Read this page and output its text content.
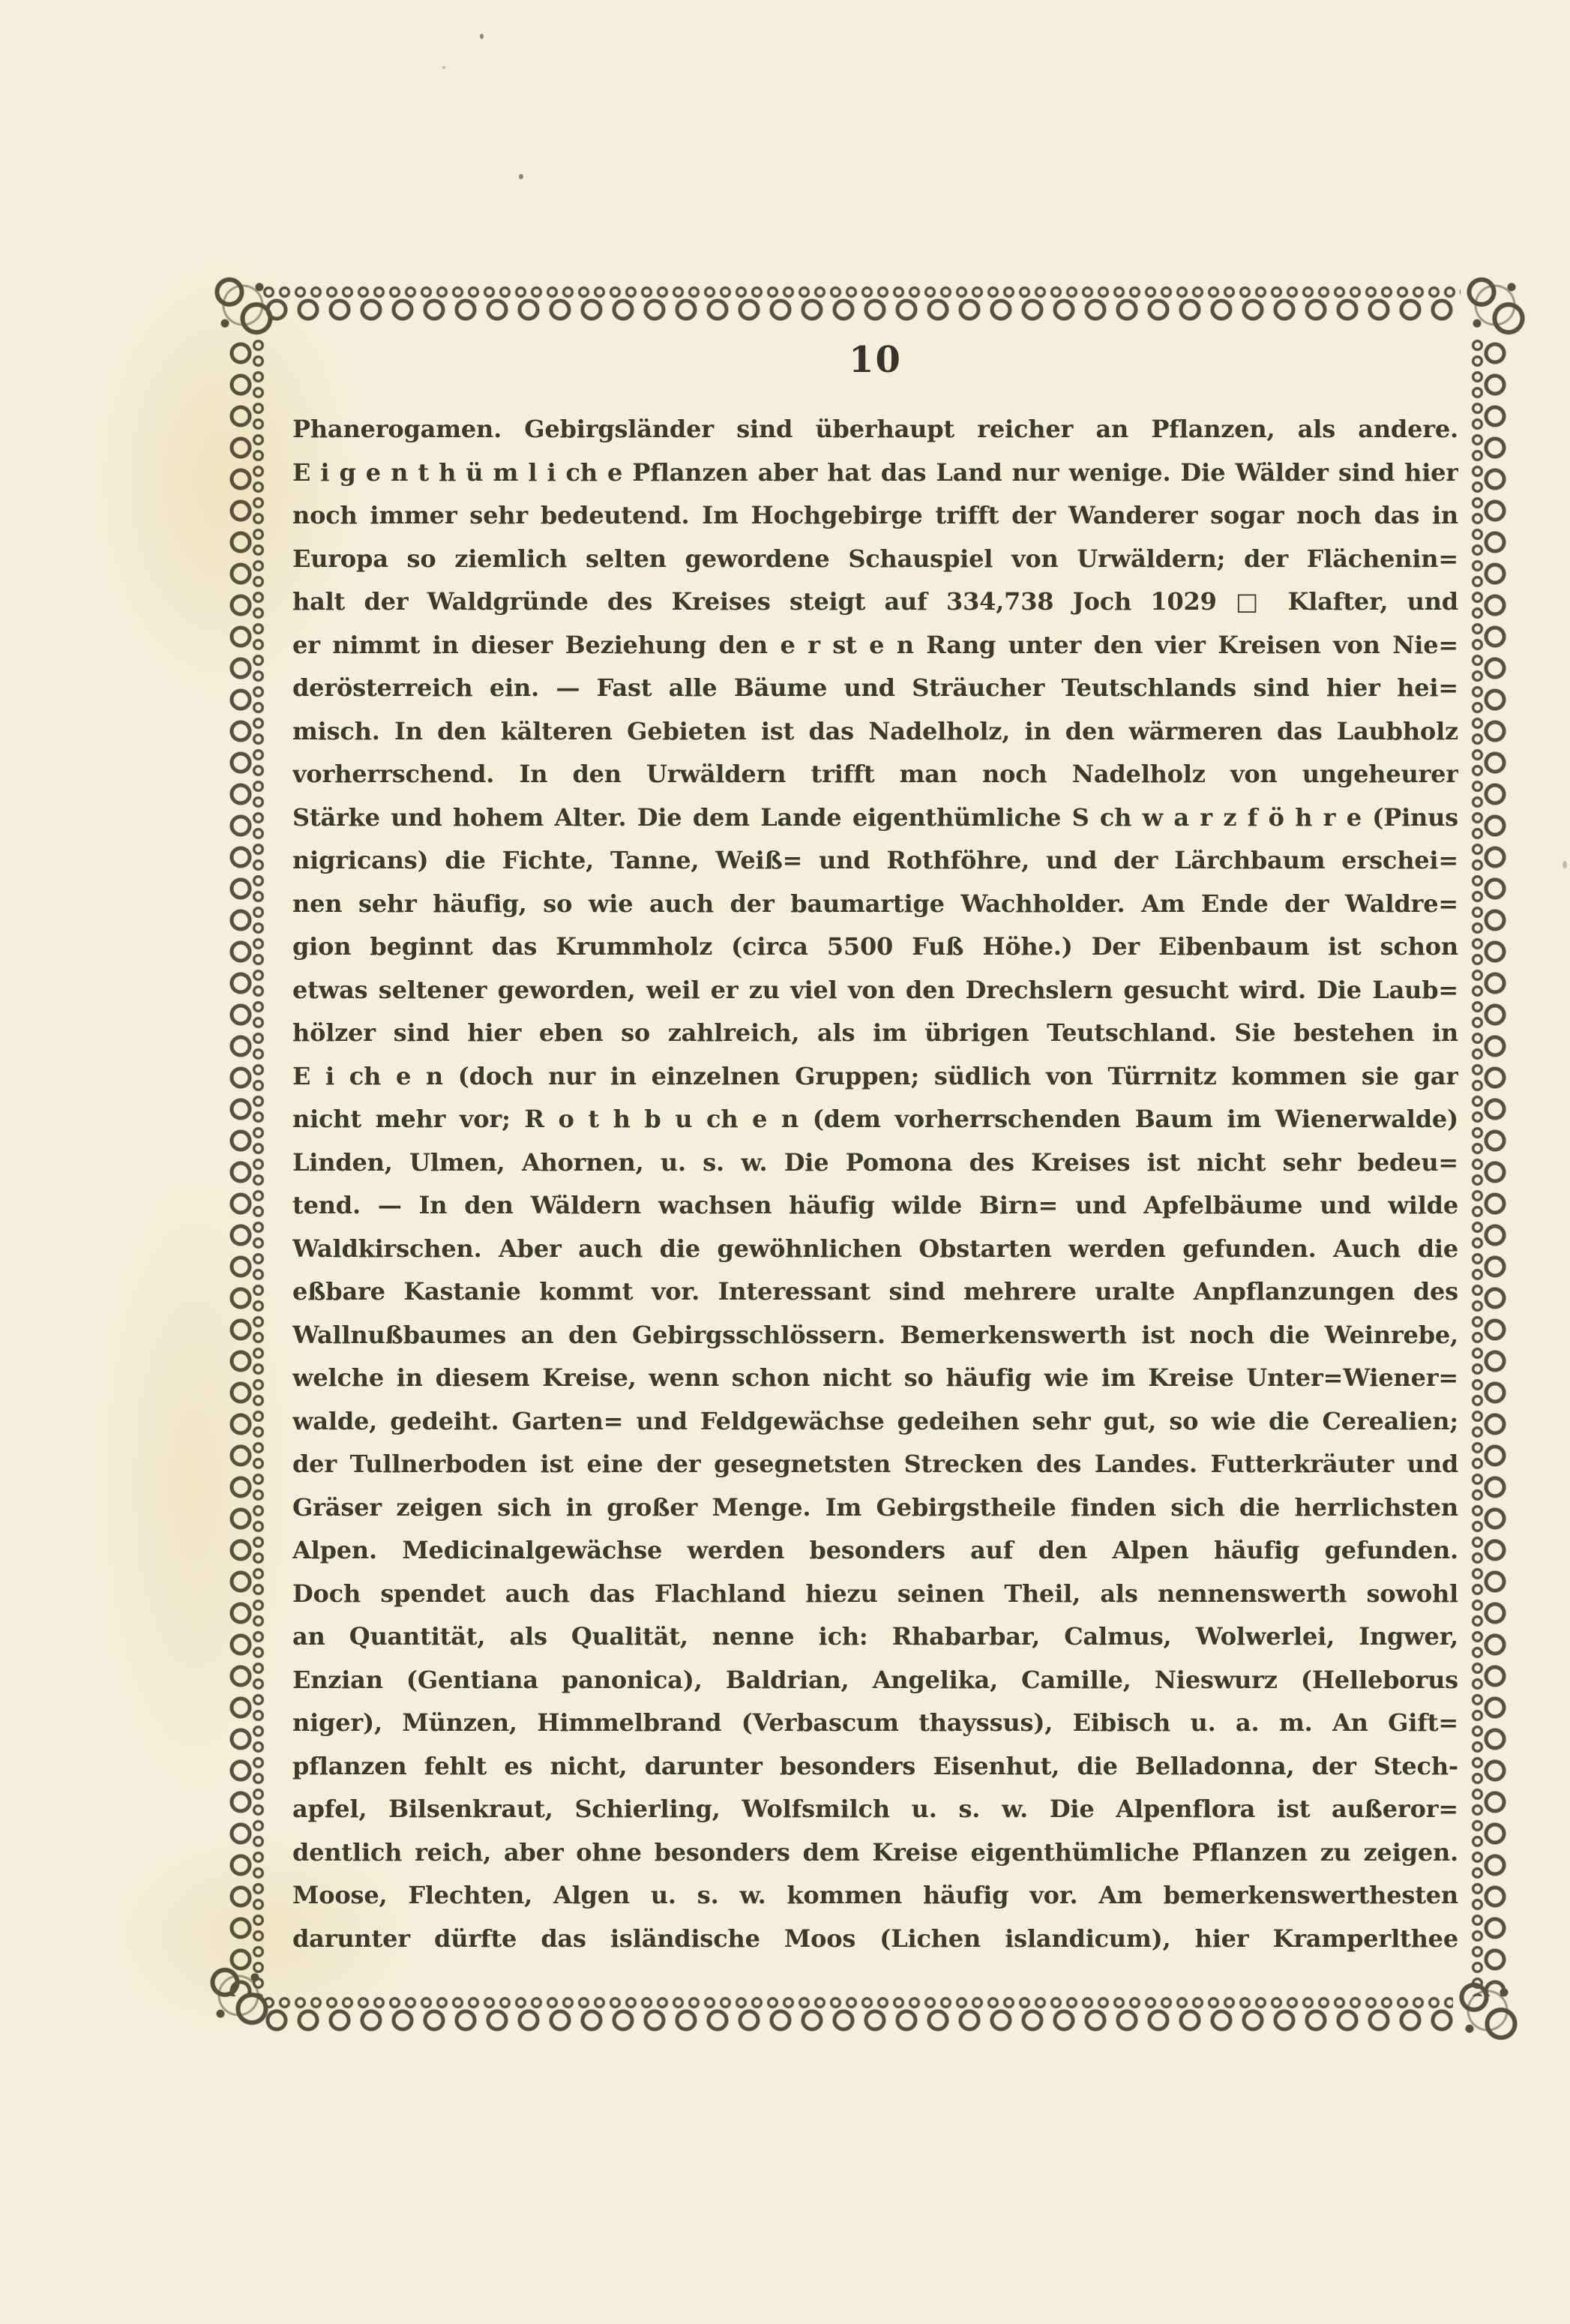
10
Phanerogamen. Gebirgsländer sind überhaupt reicher an Pflanzen, als andere.
E i g e n t h ü m l i ch e Pflanzen aber hat das Land nur wenige. Die Wälder sind hier
noch immer sehr bedeutend. Im Hochgebirge trifft der Wanderer sogar noch das in
Europa so ziemlich selten gewordene Schauspiel von Urwäldern; der Flächenin=
halt der Waldgründe des Kreises steigt auf 334,738 Joch 1029 □ Klafter, und
er nimmt in dieser Beziehung den e r st e n Rang unter den vier Kreisen von Nie=
derösterreich ein. — Fast alle Bäume und Sträucher Teutschlands sind hier hei=
misch. In den kälteren Gebieten ist das Nadelholz, in den wärmeren das Laubholz
vorherrschend. In den Urwäldern trifft man noch Nadelholz von ungeheurer
Stärke und hohem Alter. Die dem Lande eigenthümliche S ch w a r z f ö h r e (Pinus
nigricans) die Fichte, Tanne, Weiß= und Rothföhre, und der Lärchbaum erschei=
nen sehr häufig, so wie auch der baumartige Wachholder. Am Ende der Waldre=
gion beginnt das Krummholz (circa 5500 Fuß Höhe.) Der Eibenbaum ist schon
etwas seltener geworden, weil er zu viel von den Drechslern gesucht wird. Die Laub=
hölzer sind hier eben so zahlreich, als im übrigen Teutschland. Sie bestehen in
E i ch e n (doch nur in einzelnen Gruppen; südlich von Türrnitz kommen sie gar
nicht mehr vor; R o t h b u ch e n (dem vorherrschenden Baum im Wienerwalde)
Linden, Ulmen, Ahornen, u. s. w. Die Pomona des Kreises ist nicht sehr bedeu=
tend. — In den Wäldern wachsen häufig wilde Birn= und Apfelbäume und wilde
Waldkirschen. Aber auch die gewöhnlichen Obstarten werden gefunden. Auch die
eßbare Kastanie kommt vor. Interessant sind mehrere uralte Anpflanzungen des
Wallnußbaumes an den Gebirgsschlössern. Bemerkenswerth ist noch die Weinrebe,
welche in diesem Kreise, wenn schon nicht so häufig wie im Kreise Unter=Wiener=
walde, gedeiht. Garten= und Feldgewächse gedeihen sehr gut, so wie die Cerealien;
der Tullnerboden ist eine der gesegnetsten Strecken des Landes. Futterkräuter und
Gräser zeigen sich in großer Menge. Im Gebirgstheile finden sich die herrlichsten
Alpen. Medicinalgewächse werden besonders auf den Alpen häufig gefunden.
Doch spendet auch das Flachland hiezu seinen Theil, als nennenswerth sowohl
an Quantität, als Qualität, nenne ich: Rhabarbar, Calmus, Wolwerlei, Ingwer,
Enzian (Gentiana panonica), Baldrian, Angelika, Camille, Nieswurz (Helleborus
niger), Münzen, Himmelbrand (Verbascum thayssus), Eibisch u. a. m. An Gift=
pflanzen fehlt es nicht, darunter besonders Eisenhut, die Belladonna, der Stech-
apfel, Bilsenkraut, Schierling, Wolfsmilch u. s. w. Die Alpenflora ist außeror=
dentlich reich, aber ohne besonders dem Kreise eigenthümliche Pflanzen zu zeigen.
Moose, Flechten, Algen u. s. w. kommen häufig vor. Am bemerkenswerthesten
darunter dürfte das isländische Moos (Lichen islandicum), hier Kramperlthee
